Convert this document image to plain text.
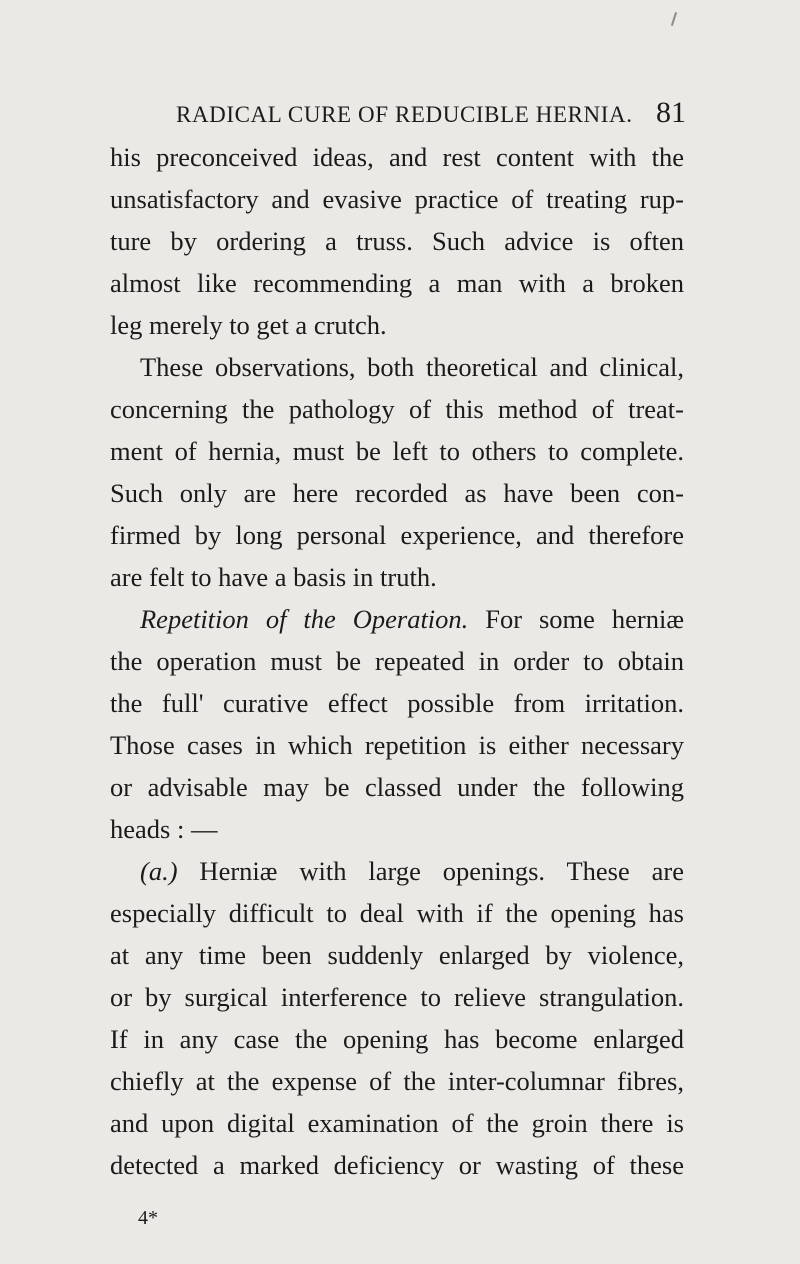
RADICAL CURE OF REDUCIBLE HERNIA. 81
his preconceived ideas, and rest content with the
unsatisfactory and evasive practice of treating rup-
ture by ordering a truss. Such advice is often
almost like recommending a man with a broken
leg merely to get a crutch.
These observations, both theoretical and clinical,
concerning the pathology of this method of treat-
ment of hernia, must be left to others to complete.
Such only are here recorded as have been con-
firmed by long personal experience, and therefore
are felt to have a basis in truth.
Repetition of the Operation. For some herniæ
the operation must be repeated in order to obtain
the full' curative effect possible from irritation.
Those cases in which repetition is either necessary
or advisable may be classed under the following
heads : —
(a.) Herniæ with large openings. These are
especially difficult to deal with if the opening has
at any time been suddenly enlarged by violence,
or by surgical interference to relieve strangulation.
If in any case the opening has become enlarged
chiefly at the expense of the inter-columnar fibres,
and upon digital examination of the groin there is
detected a marked deficiency or wasting of these
4*
